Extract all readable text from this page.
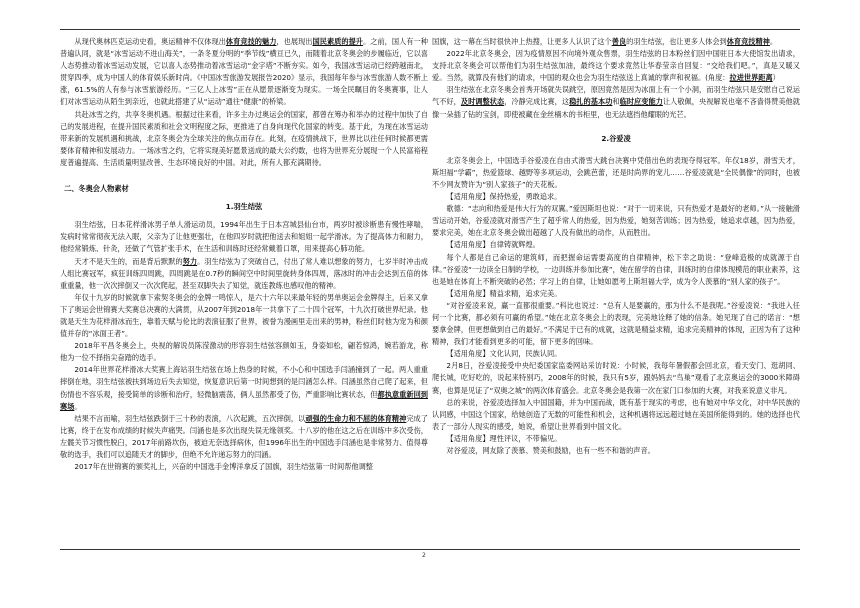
从现代奥林匹克运动史看，奥运精神不仅体现出体育竞技的魅力，也展现出国民素质的提升。之前，国人有一种普遍认同，就是“冰雪运动不进山海关”，一条冬夏分明的“季节线”横亘已久，而随着北京冬奥会的步履临近，它以喜人态势推动着冰雪运动发展，它以喜人态势推动着冰雪运动“金字塔”不断夯实。如今，我国冰雪运动已经跨越南北，贯穿四季，成为中国人的体育娱乐新时尚。《中国冰雪旅游发展报告2020》显示，我国每年参与冰雪旅游人数不断上涨，61.5%的人有参与冰雪旅游经历。“三亿人上冰雪”正在从愿景逐渐变为现实。一场全民瞩目的冬奥赛事，让人们对冰雪运动从陌生到亲近，也就此搭建了从“运动”通往“健康”的桥梁。

共赴冰雪之约，共享冬奥机遇。根据过往来看，许多主办过奥运会的国家，都曾在筹办和举办的过程中加快了自己的发展进程，在提升国民素质和社会文明程度之际，更推进了自身向现代化国家的转变。基于此，为现在冰雪运动带来新的发展机遇和挑战，北京冬奥会为全球关注的焦点而存在。此刻，在疫情挑战下，世界比以往任何时候都更需要体育精神和发展动力。一场冰雪之约，它将实现美好愿景送成的最大公约数，也将为世界充分展现一个人民富裕程度普遍提高、生活质量明显改善、生态环境良好的中国。对此，所有人都充满期待。

二、冬奥会人物素材

1.羽生结弦

羽生结弦，日本花样滑冰男子单人滑运动员，1994年出生于日本宫城县仙台市，两岁时被诊断患有慢性哮喘，发病时常常彻夜无法入眠，父亲为了让他更强壮，在他四岁时就把他送去和姐姐一起学滑冰。为了提高体力和耐力，他经常锻炼、针灸，还做了气管扩张手术，在生活和训练时还经常戴着口罩，用来提高心肺功能。

天才不是天生的，而是背后默默的努力。羽生结弦为了突破自己，付出了常人难以想象的努力，七岁半时冲击成人组比赛冠军，疯狂训练四周跳，四周跳是在0.7秒的瞬间空中时间里旋转身体四周，落冰时的冲击会达到五倍的体重重量，他一次次摔倒又一次次爬起，甚至双脚失去了知觉，就连教练也感叹他的精神。

年仅十九岁的时候就拿下索契冬奥会的金牌一鸣惊人，是六十六年以来最年轻的男单奥运会金牌得主，后来又拿下了奥运会世锦赛大奖赛总决赛的大满贯，从2007年到2018年一共拿下了二十四个冠军，十九次打破世界纪录。他就是天生为花样滑冰而生，靠着天赋与伦比的表演征服了世界，被誉为漫画里走出来的男神，粉丝们时他为宠为和颜值并存的“冰面王者”。

2018年平昌冬奥会上，央视的解说员陈滢激动的形容羽生结弦容颜如玉，身姿如松，翩若惊鸿，婉若游龙，称他为一位不择指尖奋踏的选手。

2014年世界花样滑冰大奖赛上海站羽生结弦在场上热身的时候，不小心和中国选手闫涵撞到了一起。两人重重摔倒在地，羽生结弦被扶到场边后失去知觉，恢复意识后第一时间想到的是闫涵怎么样。闫涵虽然自己爬了起来，但伤情也不容乐观，接受简单的诊断和治疗，轻微脑震荡，俩人虽然都受了伤，严重影响比赛状态，但都执意重新回到赛场。

结果不言而喻，羽生结弦跌倒于三十秒的表演，八次起跳，五次摔倒，以顽强的生命力和不屈的体育精神完成了比赛，终于在发布成绩的时候失声痛哭。闫涵也是多次出现失误无缘领奖。十八岁的他在这之后在训练中多次受伤，左髋关节习惯性脱臼，2017年前路坎伤，被迫无奈选择病休，但1996年出生的中国选手闫涵也是非常努力、值得尊敬的选手，我们可以追随天才的脚步，但绝不允许递忘努力的闫涵。

2017年在世锦赛的颁奖礼上，兴奋的中国选手金博洋拿反了国旗，羽生结弦第一时间帮他调整

国旗，这一幕在当时很快冲上热搜，让更多人认识了这个善良的羽生结弦，也让更多人体会到体育竞技精神。

2022年北京冬奥会，因为疫情原因不向境外观众售票，羽生结弦的日本粉丝们因中国驻日本大使馆发出请求，支持北京冬奥会可以帮他们为羽生结弦加油，最终这个要求竟然让华春莹亲自回复：“交给我们吧。”，真是又暖又爱。当然，就算没有他们的请求，中国的观众也会为羽生结弦送上真诚的掌声和祝福。(角度：拉进世界距离）

羽生结弦在北京冬奥会首秀开场就失误跳空，原因竟然是因为冰面上有一个小洞，而羽生结弦只是安慰自己说运气不好，及时调整状态，冷静完成比赛，这稳扎的基本功和临时应变能力让人敬佩，央视解说也毫不吝啬得赞美他就像一朵插了钻的宝剑，即使被藏在金丝楠木的书柜里，也无法遮挡他耀眼的光芒。

2.谷爱凌

北京冬奥会上，中国选手谷爱凌在自由式滑雪大跳台决赛中凭借出色的表现夺得冠军。年仅18岁，滑雪天才，斯坦福“学霸”，热爱篮球、越野等多项运动，会跳芭蕾，还是时尚界的宠儿……谷爱凌就是“全民偶像”的同时，也被不少网友赞许为“别人家孩子”的天花板。

【适用角度】保持热爱，勇敢追求。

歌德：“志向和热爱是伟大行为的双翼。”爱因斯坦也说：“对于一切来说，只有热爱才是最好的老师。”从一接触滑雪运动开始，谷爱凌就对滑雪产生了超乎常人的热爱，因为热爱，她刻苦训练；因为热爱，她追求卓越，因为热爱，要求完美，她在北京冬奥会做出超越了人没有做出的动作，从而胜出。

【适用角度】自律铸就辉煌。

每个人都是自己命运的建筑师，而把握命运需要高度的自律精神，松下幸之助说：“登峰造极的成就源于自律。”谷爱凌“一边读全日制的学校，一边训练并参加比赛”，她在留学的自律，训练时的自律体现模范的职业素养，这也是她在体育上不断突破的必然；学习上的自律，让她如愿考上斯坦福大学，成为令人羡慕的“别人家的孩子”。

【适用角度】精益求精，追求完美。

“对谷爱凌来说，赢一直都很重要。”科比也说过：“总有人是要赢的，那为什么不是我呢。”谷爱凌说：“我进入任何一个比赛，都必须有可赢的希望。”她在北京冬奥会上的表现，完美地诠释了她的信条。她见现了自己的诺言：“想要拿金牌，但更想做到自己的最好。”不满足于已有的成就，这就是精益求精，追求完美精神的体现，正因为有了这种精神，我们才能看到更多的可能，留下更多的回味。

【适用角度】文化认同，民族认同。

2月8日，谷爱凌接受中央纪委国家监委网站采访时说：小时候，我每年暑假都会回北京，看天安门、逛胡同、爬长城，吃好吃的，说起来特别巧，2008年的时候，我只有5岁，跟妈妈去“鸟巢”观看了北京奥运会的3000米障碍赛，也算是见证了“双奥之城”的两次体育盛会。北京冬奥会是我第一次在家门口参加的大赛，对我来说意义非凡。

总的来说，谷爱凌选择加入中国国籍，并为中国而战，既有基于现实的考虑，也有她对中华文化，对中华民族的认同感，中国这个国家，给她创造了无数的可能性和机会，这种机遇将远远超过她在美国所能得到的。她的选择也代表了一部分人现实的感受，她说，希望让世界看到中国文化。

【适用角度】理性评议，不带偏见。

对谷爱凌，网友除了羡慕、赞美和鼓励，也有一些不和谐的声音。

2
